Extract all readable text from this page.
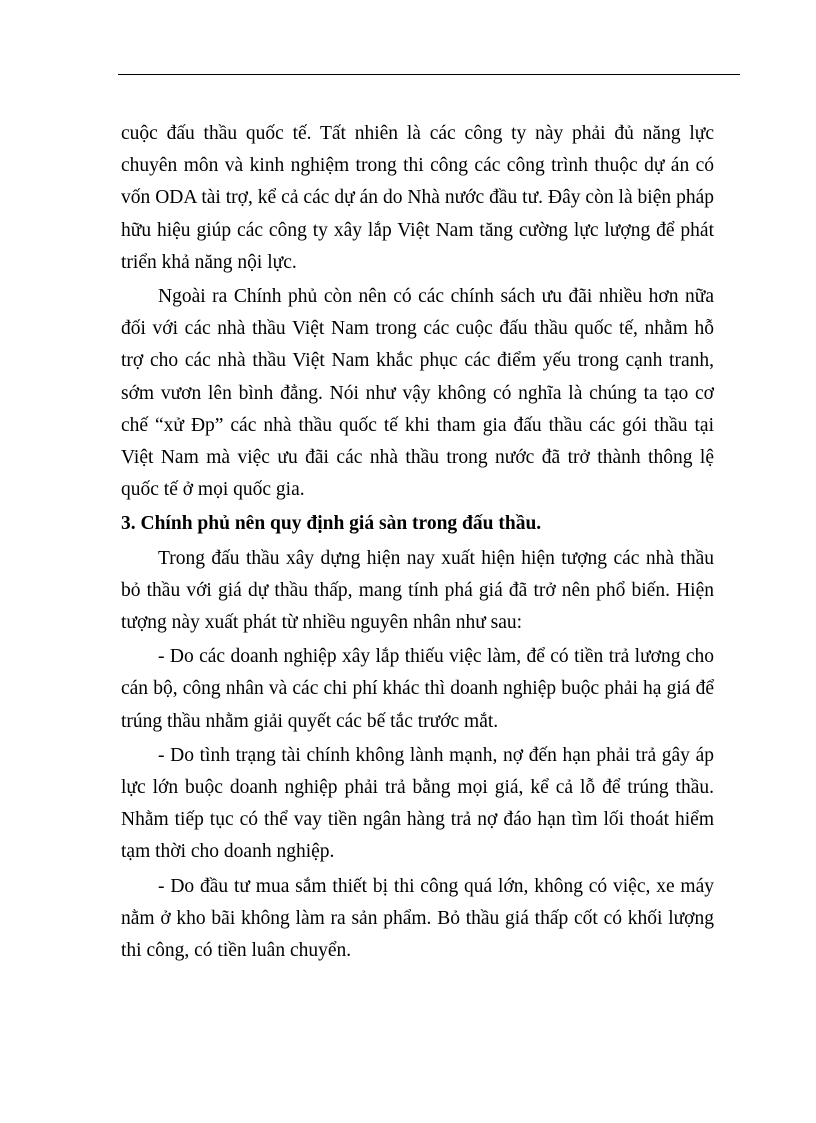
cuộc đấu thầu quốc tế. Tất nhiên là các công ty này phải đủ năng lực chuyên môn và kinh nghiệm trong thi công các công trình thuộc dự án có vốn ODA tài trợ, kể cả các dự án do Nhà nước đầu tư. Đây còn là biện pháp hữu hiệu giúp các công ty xây lắp Việt Nam tăng cường lực lượng để phát triển khả năng nội lực.

Ngoài ra Chính phủ còn nên có các chính sách ưu đãi nhiều hơn nữa đối với các nhà thầu Việt Nam trong các cuộc đấu thầu quốc tế, nhằm hỗ trợ cho các nhà thầu Việt Nam khắc phục các điểm yếu trong cạnh tranh, sớm vươn lên bình đẳng. Nói như vậy không có nghĩa là chúng ta tạo cơ chế “xử Đp” các nhà thầu quốc tế khi tham gia đấu thầu các gói thầu tại Việt Nam mà việc ưu đãi các nhà thầu trong nước đã trở thành thông lệ quốc tế ở mọi quốc gia.

3. Chính phủ nên quy định giá sàn trong đấu thầu.

Trong đấu thầu xây dựng hiện nay xuất hiện hiện tượng các nhà thầu bỏ thầu với giá dự thầu thấp, mang tính phá giá đã trở nên phổ biến. Hiện tượng này xuất phát từ nhiều nguyên nhân như sau:

- Do các doanh nghiệp xây lắp thiếu việc làm, để có tiền trả lương cho cán bộ, công nhân và các chi phí khác thì doanh nghiệp buộc phải hạ giá để trúng thầu nhằm giải quyết các bế tắc trước mắt.

- Do tình trạng tài chính không lành mạnh, nợ đến hạn phải trả gây áp lực lớn buộc doanh nghiệp phải trả bằng mọi giá, kể cả lỗ để trúng thầu. Nhằm tiếp tục có thể vay tiền ngân hàng trả nợ đáo hạn tìm lối thoát hiểm tạm thời cho doanh nghiệp.

- Do đầu tư mua sắm thiết bị thi công quá lớn, không có việc, xe máy nằm ở kho bãi không làm ra sản phẩm. Bỏ thầu giá thấp cốt có khối lượng thi công, có tiền luân chuyển.
